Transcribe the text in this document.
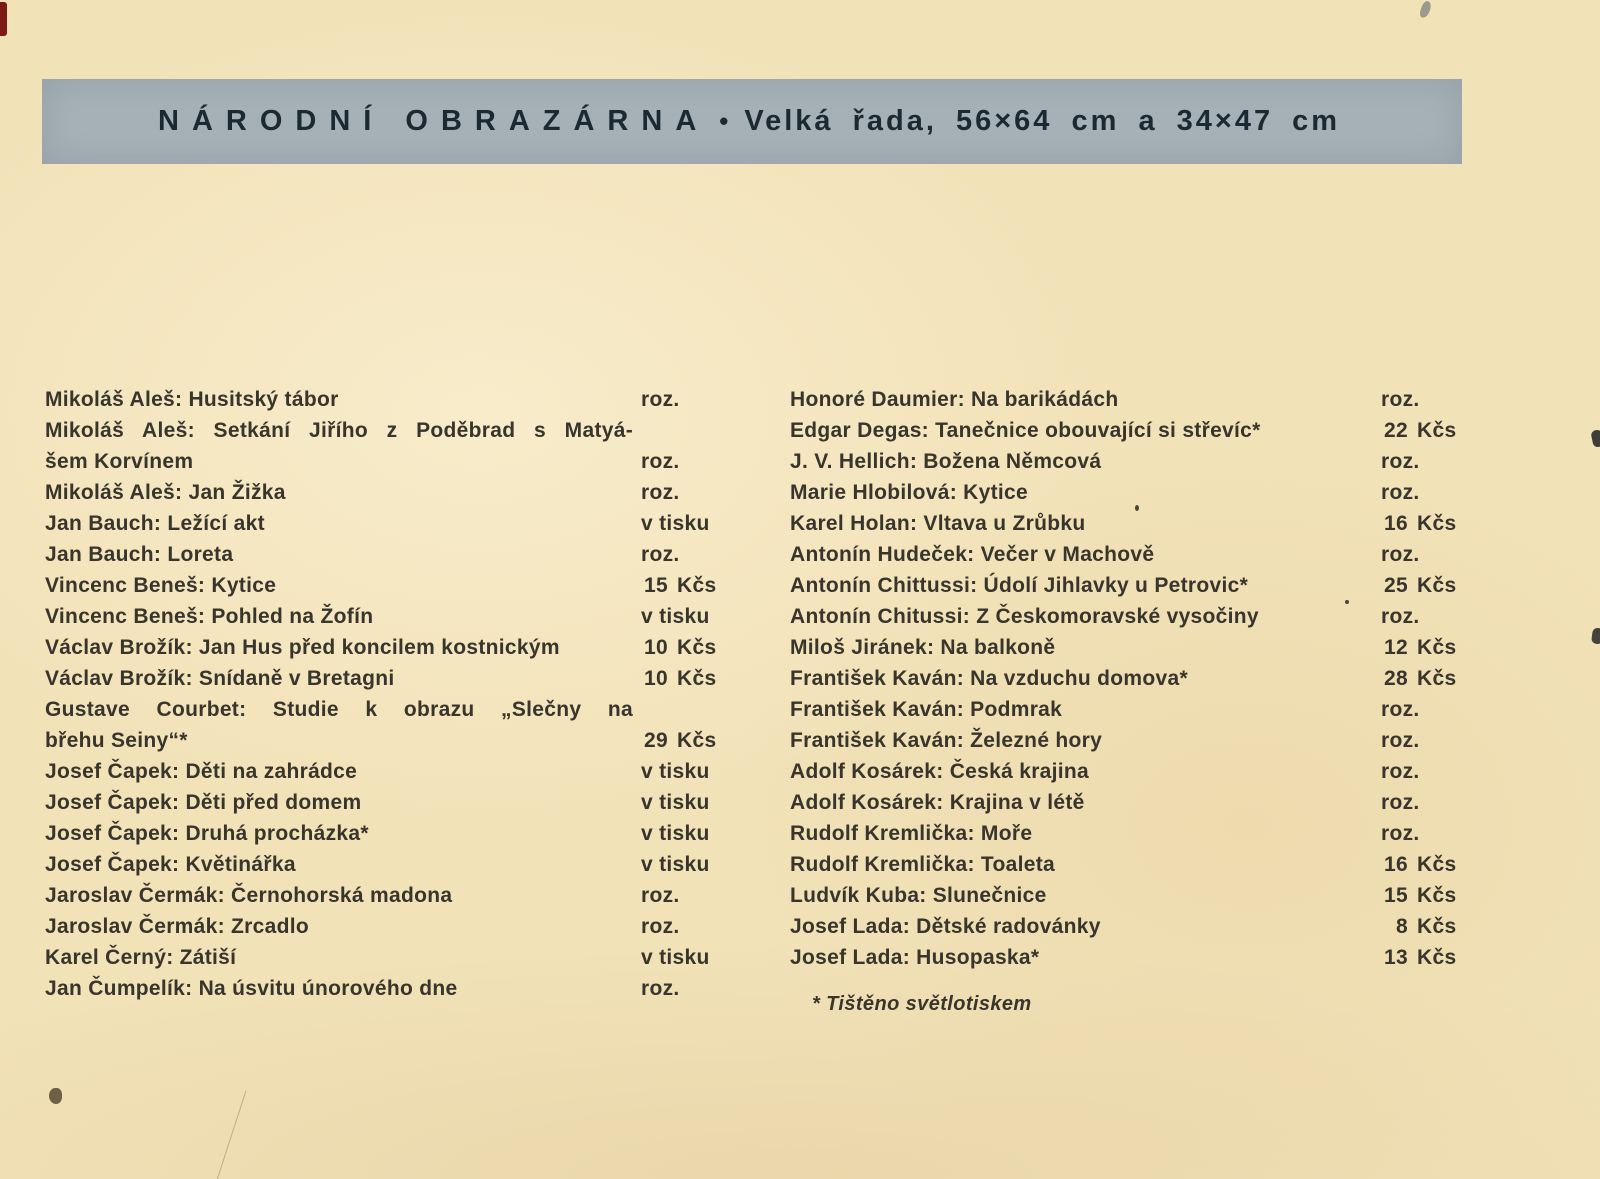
NÁRODNÍ OBRAZÁRNA • Velká řada, 56×64 cm a 34×47 cm
Mikoláš Aleš: Husitský tábor	roz.
Mikoláš Aleš: Setkání Jiřího z Poděbrad s Matyá-
šem Korvínem	roz.
Mikoláš Aleš: Jan Žižka	roz.
Jan Bauch: Ležící akt	v tisku
Jan Bauch: Loreta	roz.
Vincenc Beneš: Kytice	15 Kčs
Vincenc Beneš: Pohled na Žofín	v tisku
Václav Brožík: Jan Hus před koncilem kostnickým	10 Kčs
Václav Brožík: Snídaně v Bretagni	10 Kčs
Gustave Courbet: Studie k obrazu „Slečny na
břehu Seiny“*	29 Kčs
Josef Čapek: Děti na zahrádce	v tisku
Josef Čapek: Děti před domem	v tisku
Josef Čapek: Druhá procházka*	v tisku
Josef Čapek: Květinářka	v tisku
Jaroslav Čermák: Černohorská madona	roz.
Jaroslav Čermák: Zrcadlo	roz.
Karel Černý: Zátiší	v tisku
Jan Čumpelík: Na úsvitu únorového dne	roz.
Honoré Daumier: Na barikádách	roz.
Edgar Degas: Tanečnice obouvající si střevíc*	22 Kčs
J. V. Hellich: Božena Němcová	roz.
Marie Hlobilová: Kytice	roz.
Karel Holan: Vltava u Zrůbku	16 Kčs
Antonín Hudeček: Večer v Machově	roz.
Antonín Chittussi: Údolí Jihlavky u Petrovic*	25 Kčs
Antonín Chitussi: Z Českomoravské vysočiny	roz.
Miloš Jiránek: Na balkoně	12 Kčs
František Kaván: Na vzduchu domova*	28 Kčs
František Kaván: Podmrak	roz.
František Kaván: Železné hory	roz.
Adolf Kosárek: Česká krajina	roz.
Adolf Kosárek: Krajina v létě	roz.
Rudolf Kremlička: Moře	roz.
Rudolf Kremlička: Toaleta	16 Kčs
Ludvík Kuba: Slunečnice	15 Kčs
Josef Lada: Dětské radovánky	8 Kčs
Josef Lada: Husopaska*	13 Kčs
* Tištěno světlotiskem
